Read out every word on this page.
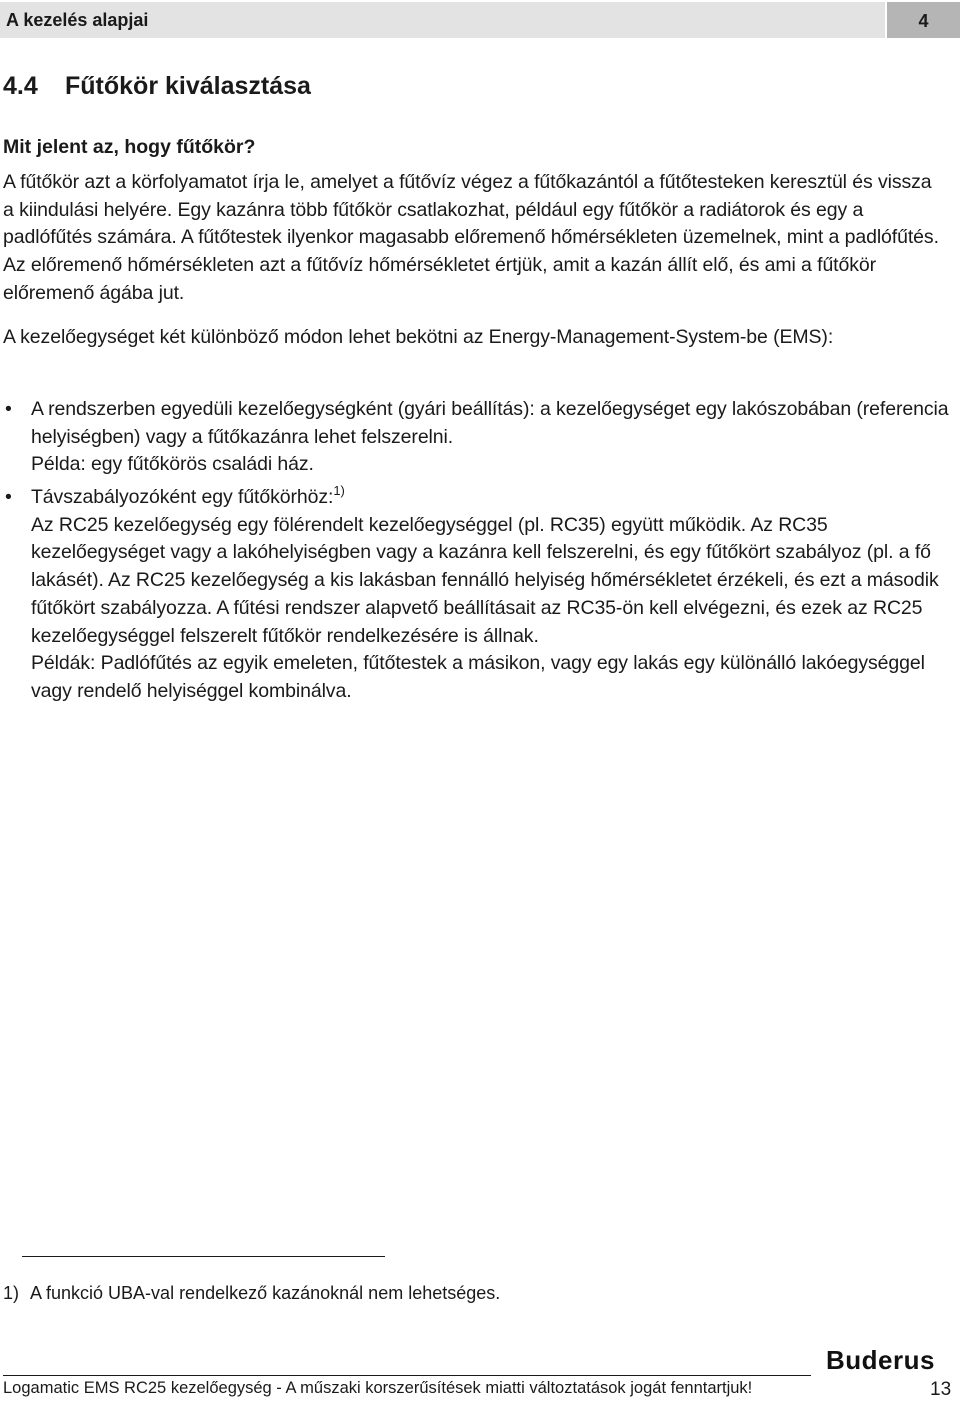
A kezelés alapjai	4
4.4 Fűtőkör kiválasztása
Mit jelent az, hogy fűtőkör?

A fűtőkör azt a körfolyamatot írja le, amelyet a fűtővíz végez a fűtőkazántól a fűtőtesteken keresztül és vissza a kiindulási helyére. Egy kazánra több fűtőkör csatlakozhat, például egy fűtőkör a radiátorok és egy a padlófűtés számára. A fűtőtestek ilyenkor magasabb előremenő hőmérsékleten üzemelnek, mint a padlófűtés. Az előremenő hőmérsékleten azt a fűtővíz hőmérsékletet értjük, amit a kazán állít elő, és ami a fűtőkör előremenő ágába jut.

A kezelőegységet két különböző módon lehet bekötni az Energy-Management-System-be (EMS):

• A rendszerben egyedüli kezelőegységként (gyári beállítás): a kezelőegységet egy lakószobában (referencia helyiségben) vagy a fűtőkazánra lehet felszerelni.
Példa: egy fűtőkörös családi ház.
• Távszabályozóként egy fűtőkörhöz:$^{1)}$
Az RC25 kezelőegység egy fölérendelt kezelőegységgel (pl. RC35) együtt működik. Az RC35 kezelőegységet vagy a lakóhelyiségben vagy a kazánra kell felszerelni, és egy fűtőkört szabályoz (pl. a fő lakásét). Az RC25 kezelőegység a kis lakásban fennálló helyiség hőmérsékletet érzékeli, és ezt a második fűtőkört szabályozza. A fűtési rendszer alapvető beállításait az RC35-ön kell elvégezni, és ezek az RC25 kezelőegységgel felszerelt fűtőkör rendelkezésére is állnak.
Példák: Padlófűtés az egyik emeleten, fűtőtestek a másikon, vagy egy lakás egy különálló lakóegységgel vagy rendelő helyiséggel kombinálva.

1) A funkció UBA-val rendelkező kazánoknál nem lehetséges.

Buderus

Logamatic EMS RC25 kezelőegység - A műszaki korszerűsítések miatti változtatások jogát fenntartjuk!	13
